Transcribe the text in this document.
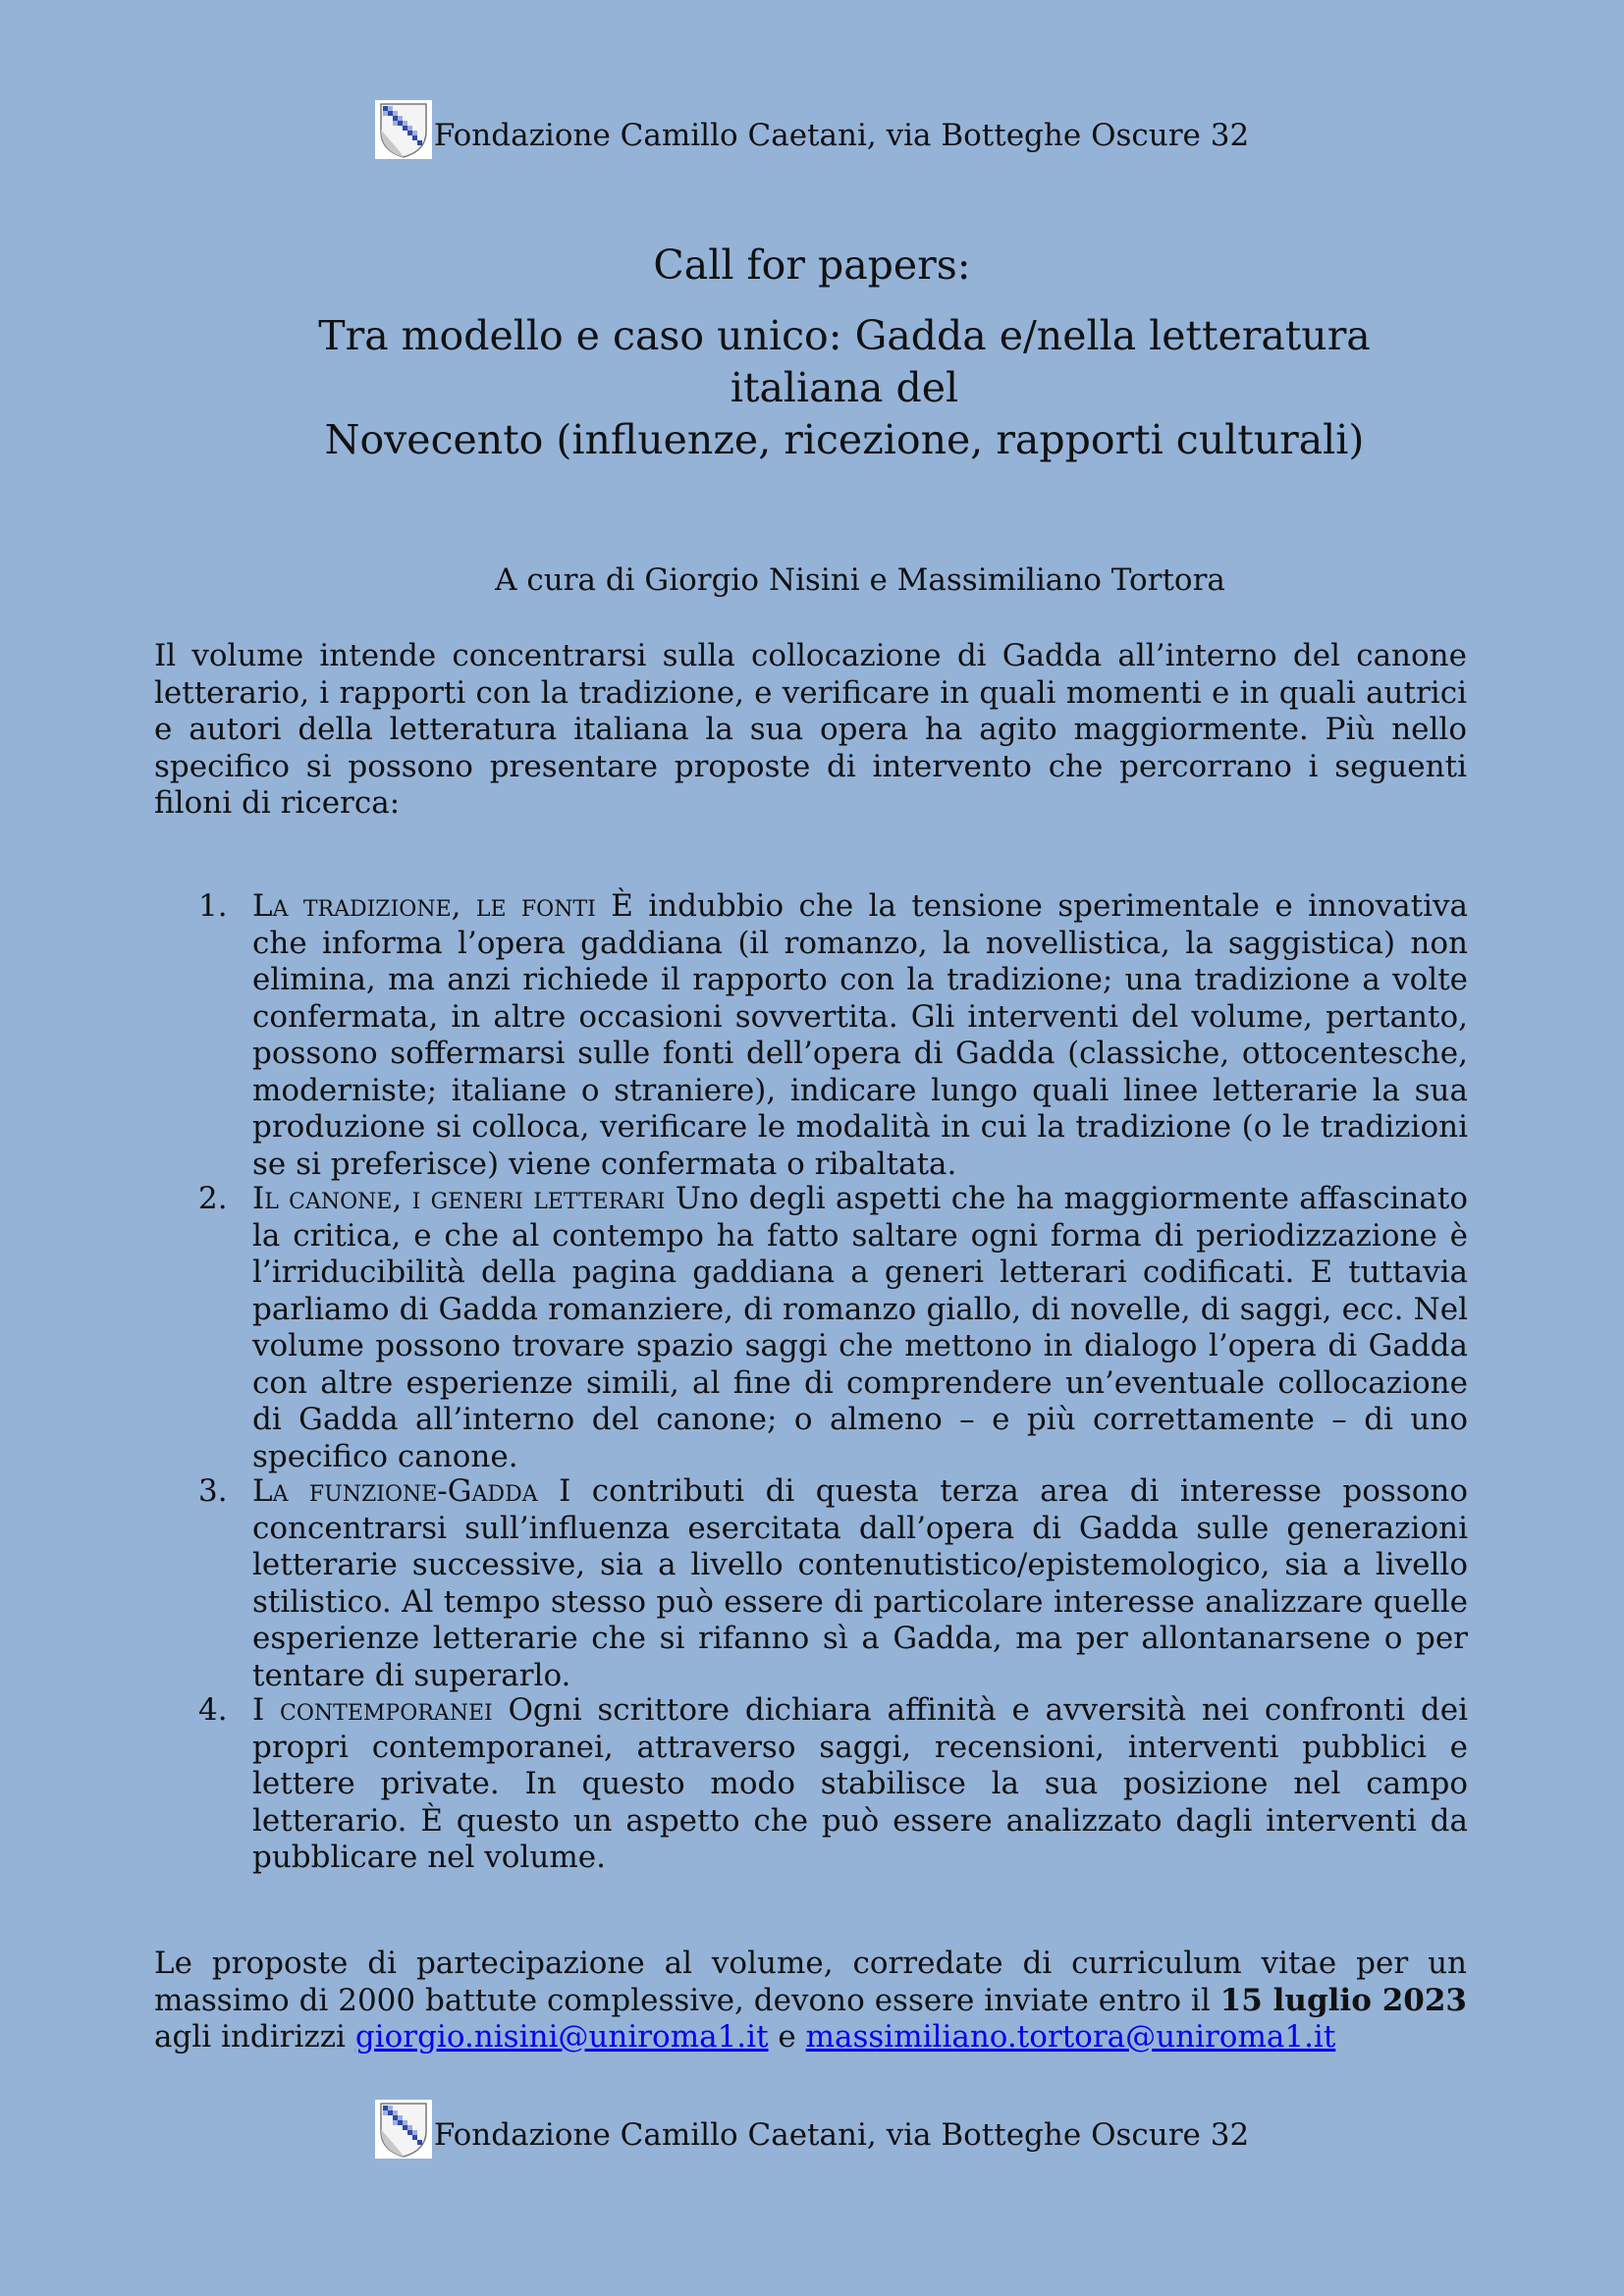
Fondazione Camillo Caetani, via Botteghe Oscure 32
Call for papers:
Tra modello e caso unico: Gadda e/nella letteratura italiana del
Novecento (influenze, ricezione, rapporti culturali)
A cura di Giorgio Nisini e Massimiliano Tortora
Il volume intende concentrarsi sulla collocazione di Gadda all’interno del canone letterario, i rapporti con la tradizione, e verificare in quali momenti e in quali autrici e autori della letteratura italiana la sua opera ha agito maggiormente. Più nello specifico si possono presentare proposte di intervento che percorrano i seguenti filoni di ricerca:
1. La tradizione, le fonti È indubbio che la tensione sperimentale e innovativa che informa l’opera gaddiana (il romanzo, la novellistica, la saggistica) non elimina, ma anzi richiede il rapporto con la tradizione; una tradizione a volte confermata, in altre occasioni sovvertita. Gli interventi del volume, pertanto, possono soffermarsi sulle fonti dell’opera di Gadda (classiche, ottocentesche, moderniste; italiane o straniere), indicare lungo quali linee letterarie la sua produzione si colloca, verificare le modalità in cui la tradizione (o le tradizioni se si preferisce) viene confermata o ribaltata.
2. Il canone, i generi letterari Uno degli aspetti che ha maggiormente affascinato la critica, e che al contempo ha fatto saltare ogni forma di periodizzazione è l’irriducibilità della pagina gaddiana a generi letterari codificati. E tuttavia parliamo di Gadda romanziere, di romanzo giallo, di novelle, di saggi, ecc. Nel volume possono trovare spazio saggi che mettono in dialogo l’opera di Gadda con altre esperienze simili, al fine di comprendere un’eventuale collocazione di Gadda all’interno del canone; o almeno – e più correttamente – di uno specifico canone.
3. La funzione-Gadda I contributi di questa terza area di interesse possono concentrarsi sull’influenza esercitata dall’opera di Gadda sulle generazioni letterarie successive, sia a livello contenutistico/epistemologico, sia a livello stilistico. Al tempo stesso può essere di particolare interesse analizzare quelle esperienze letterarie che si rifanno sì a Gadda, ma per allontanarsene o per tentare di superarlo.
4. I contemporanei Ogni scrittore dichiara affinità e avversità nei confronti dei propri contemporanei, attraverso saggi, recensioni, interventi pubblici e lettere private. In questo modo stabilisce la sua posizione nel campo letterario. È questo un aspetto che può essere analizzato dagli interventi da pubblicare nel volume.
Le proposte di partecipazione al volume, corredate di curriculum vitae per un massimo di 2000 battute complessive, devono essere inviate entro il 15 luglio 2023 agli indirizzi giorgio.nisini@uniroma1.it e massimiliano.tortora@uniroma1.it
Fondazione Camillo Caetani, via Botteghe Oscure 32
